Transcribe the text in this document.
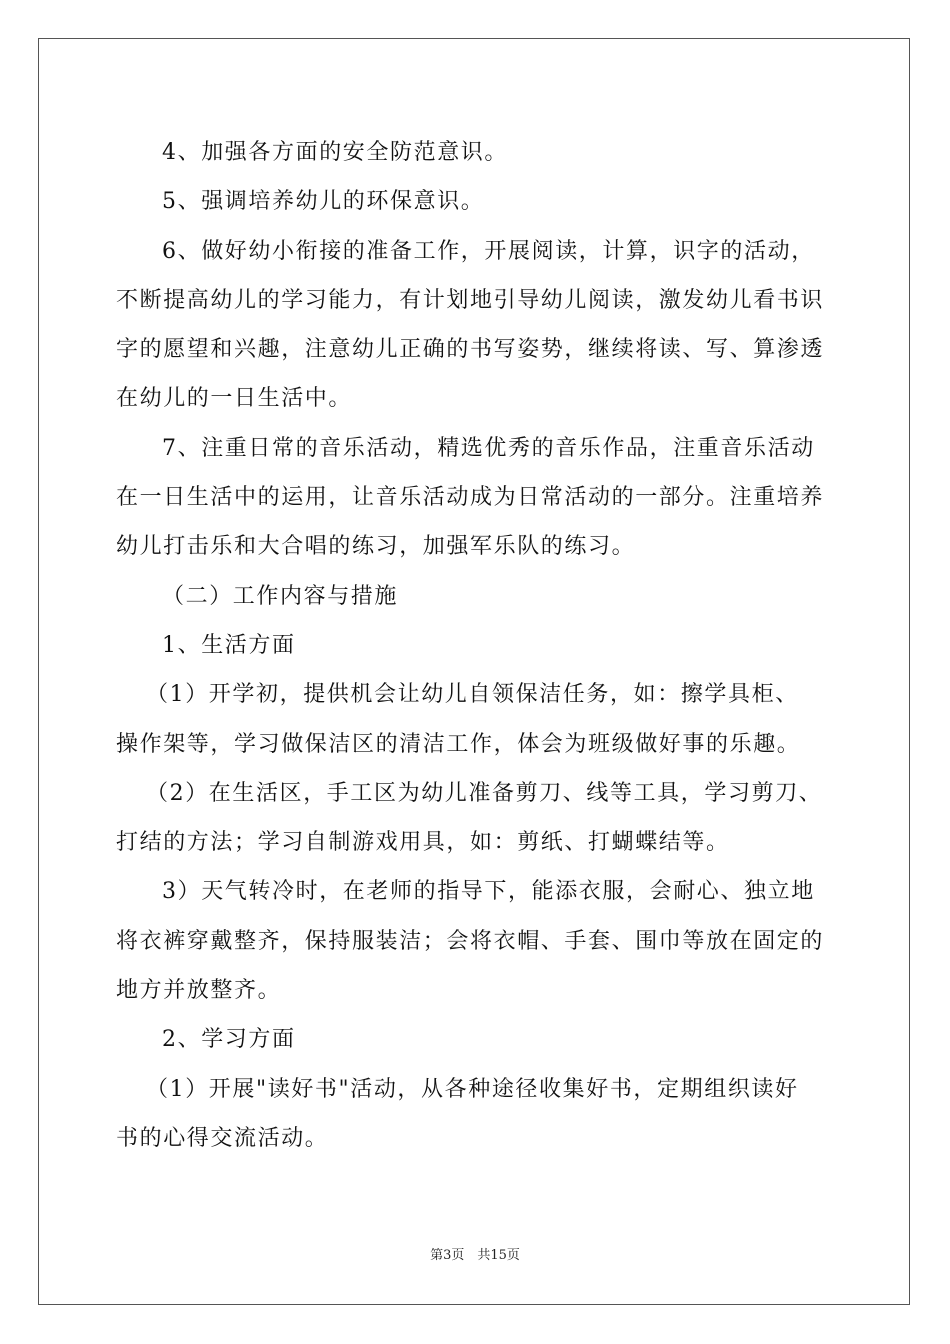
4、加强各方面的安全防范意识。
5、强调培养幼儿的环保意识。
6、做好幼小衔接的准备工作，开展阅读，计算，识字的活动，
不断提高幼儿的学习能力，有计划地引导幼儿阅读，激发幼儿看书识
字的愿望和兴趣，注意幼儿正确的书写姿势，继续将读、写、算渗透
在幼儿的一日生活中。
7、注重日常的音乐活动，精选优秀的音乐作品，注重音乐活动
在一日生活中的运用，让音乐活动成为日常活动的一部分。注重培养
幼儿打击乐和大合唱的练习，加强军乐队的练习。
（二）工作内容与措施
1、生活方面
（1）开学初，提供机会让幼儿自领保洁任务，如：擦学具柜、
操作架等，学习做保洁区的清洁工作，体会为班级做好事的乐趣。
（2）在生活区，手工区为幼儿准备剪刀、线等工具，学习剪刀、
打结的方法；学习自制游戏用具，如：剪纸、打蝴蝶结等。
3）天气转冷时，在老师的指导下，能添衣服，会耐心、独立地
将衣裤穿戴整齐，保持服装洁；会将衣帽、手套、围巾等放在固定的
地方并放整齐。
2、学习方面
（1）开展"读好书"活动，从各种途径收集好书，定期组织读好
书的心得交流活动。
第3页　共15页
